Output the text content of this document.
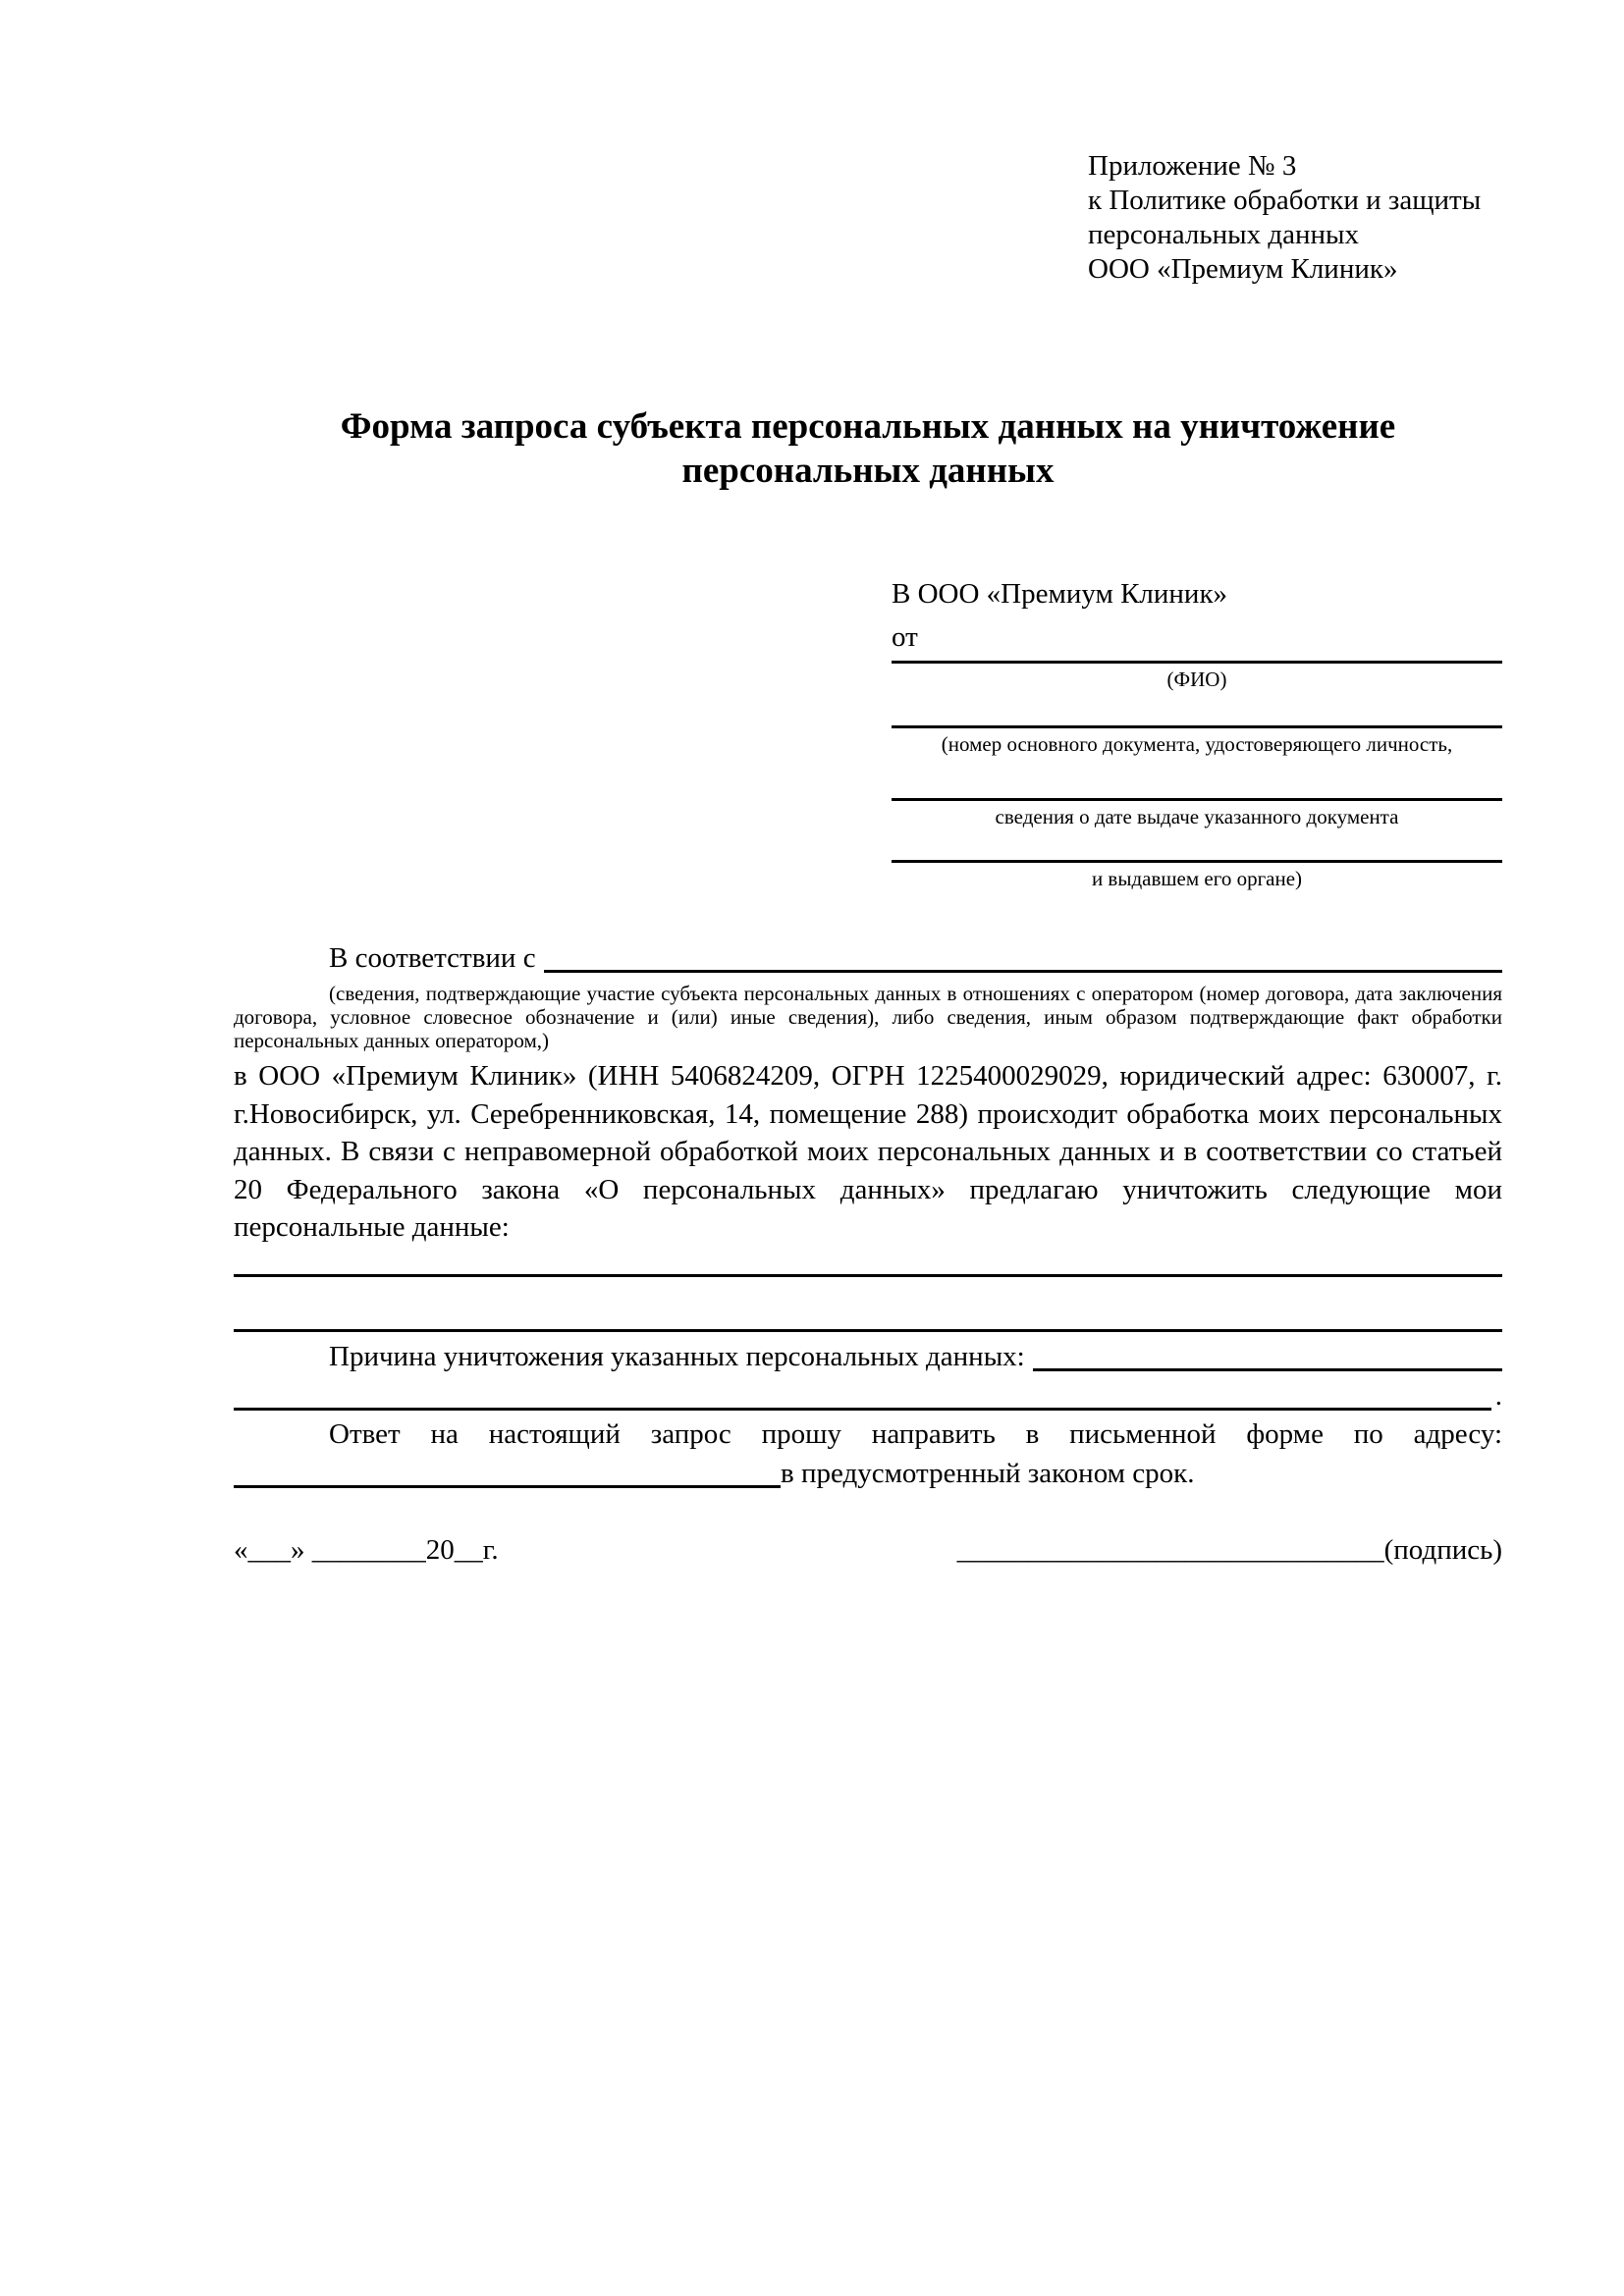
Приложение № 3
к Политике обработки и защиты
персональных данных
ООО «Премиум Клиник»
Форма запроса субъекта персональных данных на уничтожение персональных данных
В ООО «Премиум Клиник»
от
(ФИО)
(номер основного документа, удостоверяющего личность,
сведения о дате выдаче указанного документа
и выдавшем его органе)
В соответствии с
(сведения, подтверждающие участие субъекта персональных данных в отношениях с оператором (номер договора, дата заключения договора, условное словесное обозначение и (или) иные сведения), либо сведения, иным образом подтверждающие факт обработки персональных данных оператором,)
в ООО «Премиум Клиник» (ИНН 5406824209, ОГРН 1225400029029, юридический адрес: 630007, г. г.Новосибирск, ул. Серебренниковская, 14, помещение 288) происходит обработка моих персональных данных. В связи с неправомерной обработкой моих персональных данных и в соответствии со статьей 20 Федерального закона «О персональных данных» предлагаю уничтожить следующие мои персональные данные:
Причина уничтожения указанных персональных данных:
.
Ответ на настоящий запрос прошу направить в письменной форме по адресу:
в предусмотренный законом срок.
«___» ________20__г.	______________________________(подпись)
